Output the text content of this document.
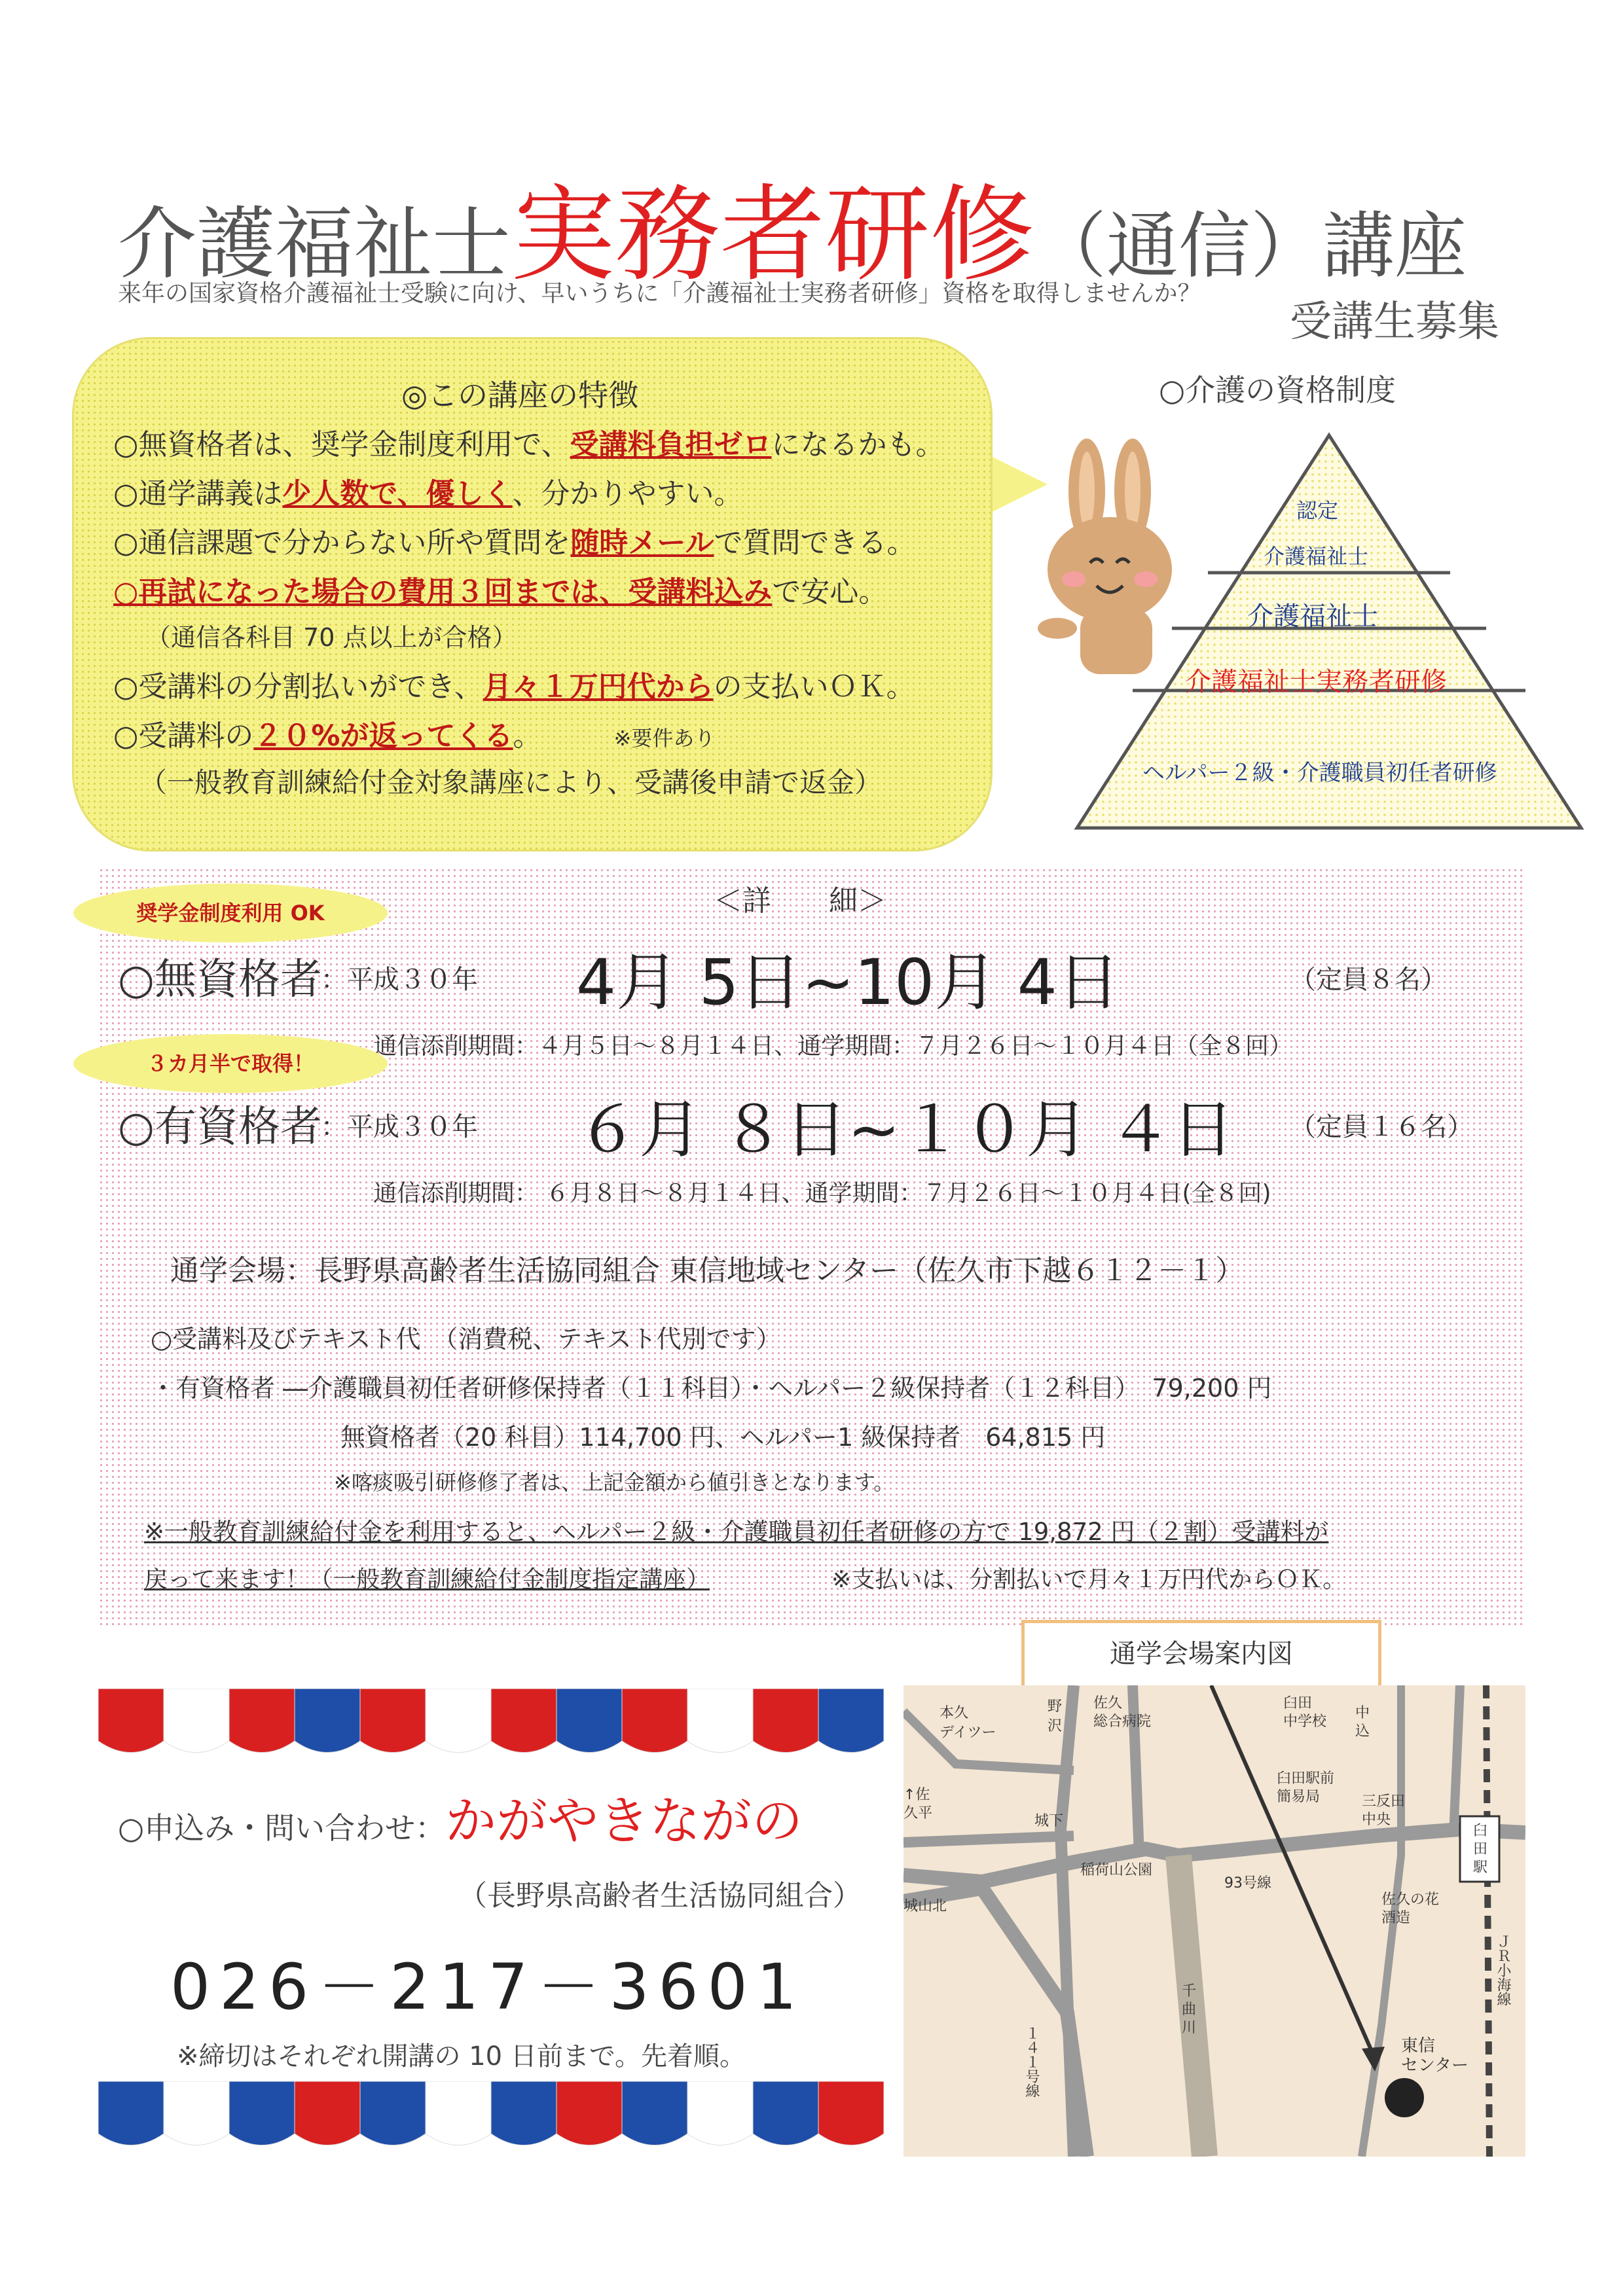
介護福祉士実務者研修（通信）講座
来年の国家資格介護福祉士受験に向け、早いうちに「介護福祉士実務者研修」資格を取得しませんか？
受講生募集
◎この講座の特徴
○無資格者は、奨学金制度利用で、受講料負担ゼロになるかも。
○通学講義は少人数で、優しく、分かりやすい。
○通信課題で分からない所や質問を随時メールで質問できる。
○再試になった場合の費用３回までは、受講料込みで安心。
（通信各科目 70 点以上が合格）
○受講料の分割払いができ、月々１万円代からの支払いＯＫ。
○受講料の２０%が返ってくる。	※要件あり
（一般教育訓練給付金対象講座により、受講後申請で返金）
○介護の資格制度
認定
介護福祉士
介護福祉士
介護福祉士実務者研修
ヘルパー２級・介護職員初任者研修
＜詳　　細＞
○無資格者
：平成３０年 4月 5日~10月 4日	（定員８名）
通信添削期間：４月５日～８月１４日、通学期間：７月２６日～１０月４日（全８回）
○有資格者
：平成３０年 ６月 ８日~１０月 ４日 （定員１６名）
通信添削期間： ６月８日～８月１４日、通学期間：７月２６日～１０月４日(全８回)
通学会場：長野県高齢者生活協同組合 東信地域センター（佐久市下越６１２－１）
○受講料及びテキスト代　（消費税、テキスト代別です）
・有資格者 ―介護職員初任者研修保持者（１１科目）・ヘルパー２級保持者（１２科目）　79,200 円
無資格者（20 科目）114,700 円、ヘルパー1 級保持者　64,815 円
※喀痰吸引研修修了者は、上記金額から値引きとなります。
※一般教育訓練給付金を利用すると、ヘルパー２級・介護職員初任者研修の方で 19,872 円（２割）受講料が
戻って来ます！（一般教育訓練給付金制度指定講座）	※支払いは、分割払いで月々１万円代からＯＫ。
奨学金制度利用 OK
３カ月半で取得！
○申込み・問い合わせ：かがやきながの
（長野県高齢者生活協同組合）
026－217－3601
※締切はそれぞれ開講の 10 日前まで。先着順。
通学会場案内図
本久
デイツー
野
沢
佐久
総合病院
臼田
中学校
中
込
↑佐
久平	城下
臼田駅前
簡易局	三反田
中央
臼
田
駅
稲荷山公園
93号線
城山北	佐久の花
酒造
ＪＲ小海線
千
曲
川
東信
センター
１４１号線
